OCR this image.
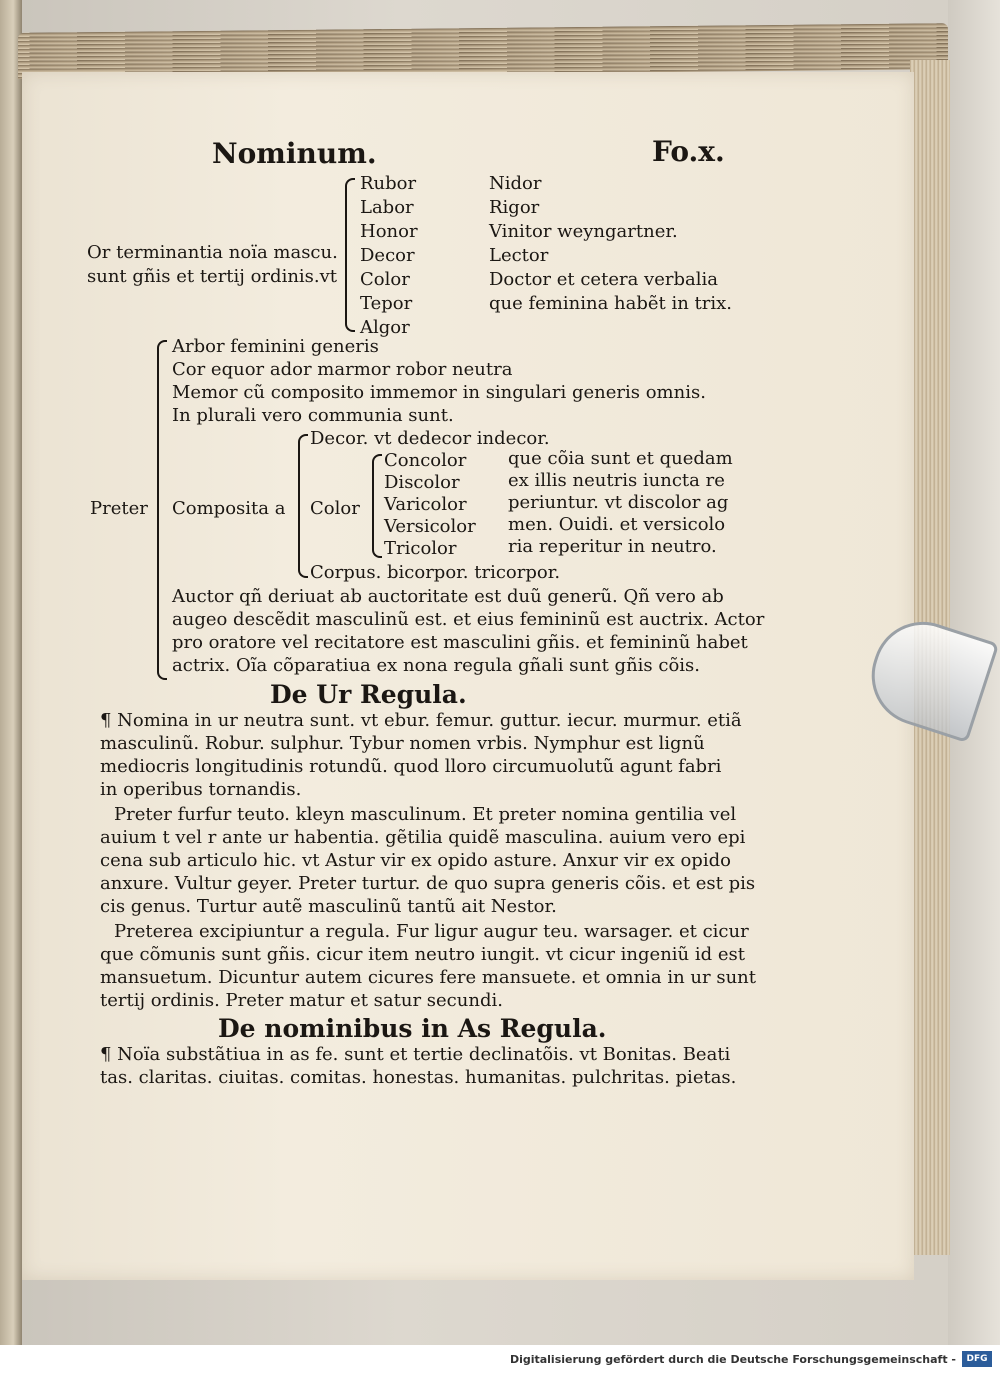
Nominum.	Fo.x.
Or terminantia noïa mascu.
sunt gñis et tertij ordinis.vt
Rubor
Labor
Honor
Decor
Color
Tepor
Algor
Nidor
Rigor
Vinitor weyngartner.
Lector
Doctor et cetera verbalia
que feminina habẽt in trix.
Preter
Arbor feminini generis
Cor equor ador marmor robor neutra
Memor cũ composito immemor in singulari generis omnis.
In plurali vero communia sunt.
Composita a
Decor. vt dedecor indecor.
Color
Concolor
Discolor
Varicolor
Versicolor
Tricolor
que cõia sunt et quedam
ex illis neutris iuncta re
periuntur. vt discolor ag
men. Ouidi. et versicolo
ria reperitur in neutro.
Corpus. bicorpor. tricorpor.
Auctor qñ deriuat ab auctoritate est duũ generũ. Qñ vero ab
augeo descẽdit masculinũ est. et eius femininũ est auctrix. Actor
pro oratore vel recitatore est masculini gñis. et femininũ habet
actrix. Oĩa cõparatiua ex nona regula gñali sunt gñis cõis.
De Ur Regula.
¶ Nomina in ur neutra sunt. vt ebur. femur. guttur. iecur. murmur. etiã
masculinũ. Robur. sulphur. Tybur nomen vrbis. Nymphur est lignũ
mediocris longitudinis rotundũ. quod lloro circumuolutũ agunt fabri
in operibus tornandis.
Preter furfur teuto. kleyn masculinum. Et preter nomina gentilia vel
auium t vel r ante ur habentia. gẽtilia quidẽ masculina. auium vero epi
cena sub articulo hic. vt Astur vir ex opido asture. Anxur vir ex opido
anxure. Vultur geyer. Preter turtur. de quo supra generis cõis. et est pis
cis genus. Turtur autẽ masculinũ tantũ ait Nestor.
Preterea excipiuntur a regula. Fur ligur augur teu. warsager. et cicur
que cõmunis sunt gñis. cicur item neutro iungit. vt cicur ingeniũ id est
mansuetum. Dicuntur autem cicures fere mansuete. et omnia in ur sunt
tertij ordinis. Preter matur et satur secundi.
De nominibus in As Regula.
¶ Noïa substãtiua in as fe. sunt et tertie declinatõis. vt Bonitas. Beati
tas. claritas. ciuitas. comitas. honestas. humanitas. pulchritas. pietas.
Digitalisierung gefördert durch die Deutsche Forschungsgemeinschaft -	DFG
